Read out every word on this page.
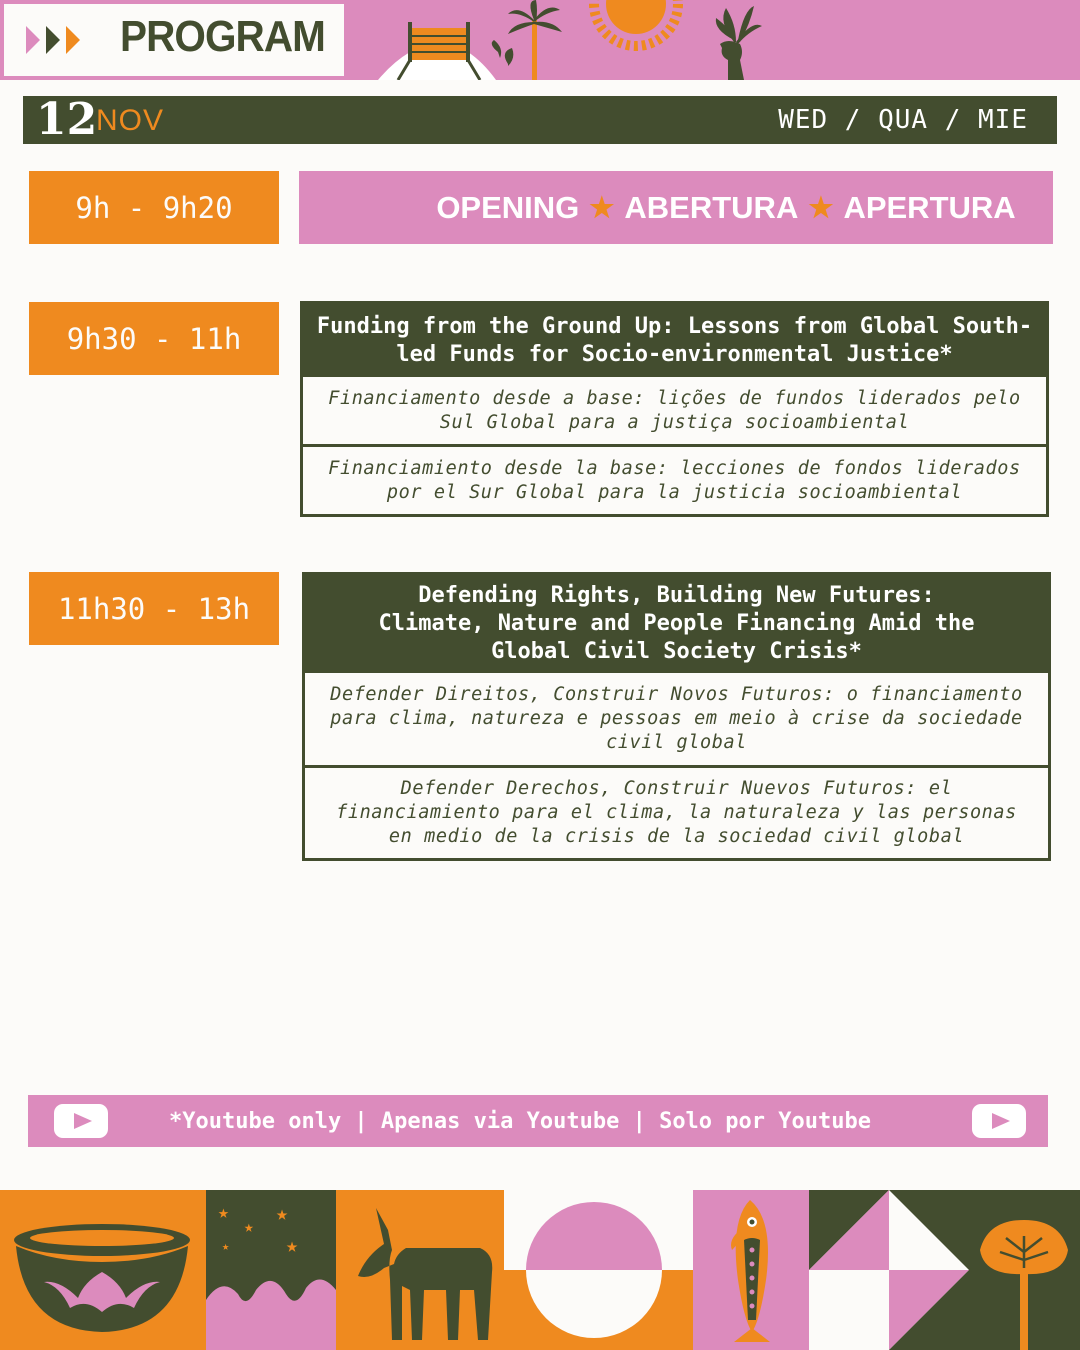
PROGRAM
12
NOV	WED / QUA / MIE
9h - 9h20	OPENING ★ ABERTURA ★ APERTURA
9h30 - 11h	Funding from the Ground Up: Lessons from Global South-led Funds for Socio-environmental Justice*
Financiamento desde a base: lições de fundos liderados pelo Sul Global para a justiça socioambiental
Financiamiento desde la base: lecciones de fondos liderados por el Sur Global para la justicia socioambiental
11h30 - 13h	Defending Rights, Building New Futures: Climate, Nature and People Financing Amid the Global Civil Society Crisis*
Defender Direitos, Construir Novos Futuros: o financiamento para clima, natureza e pessoas em meio à crise da sociedade civil global
Defender Derechos, Construir Nuevos Futuros: el financiamiento para el clima, la naturaleza y las personas en medio de la crisis de la sociedad civil global
*Youtube only | Apenas via Youtube | Solo por Youtube
★
★
★
★	★
